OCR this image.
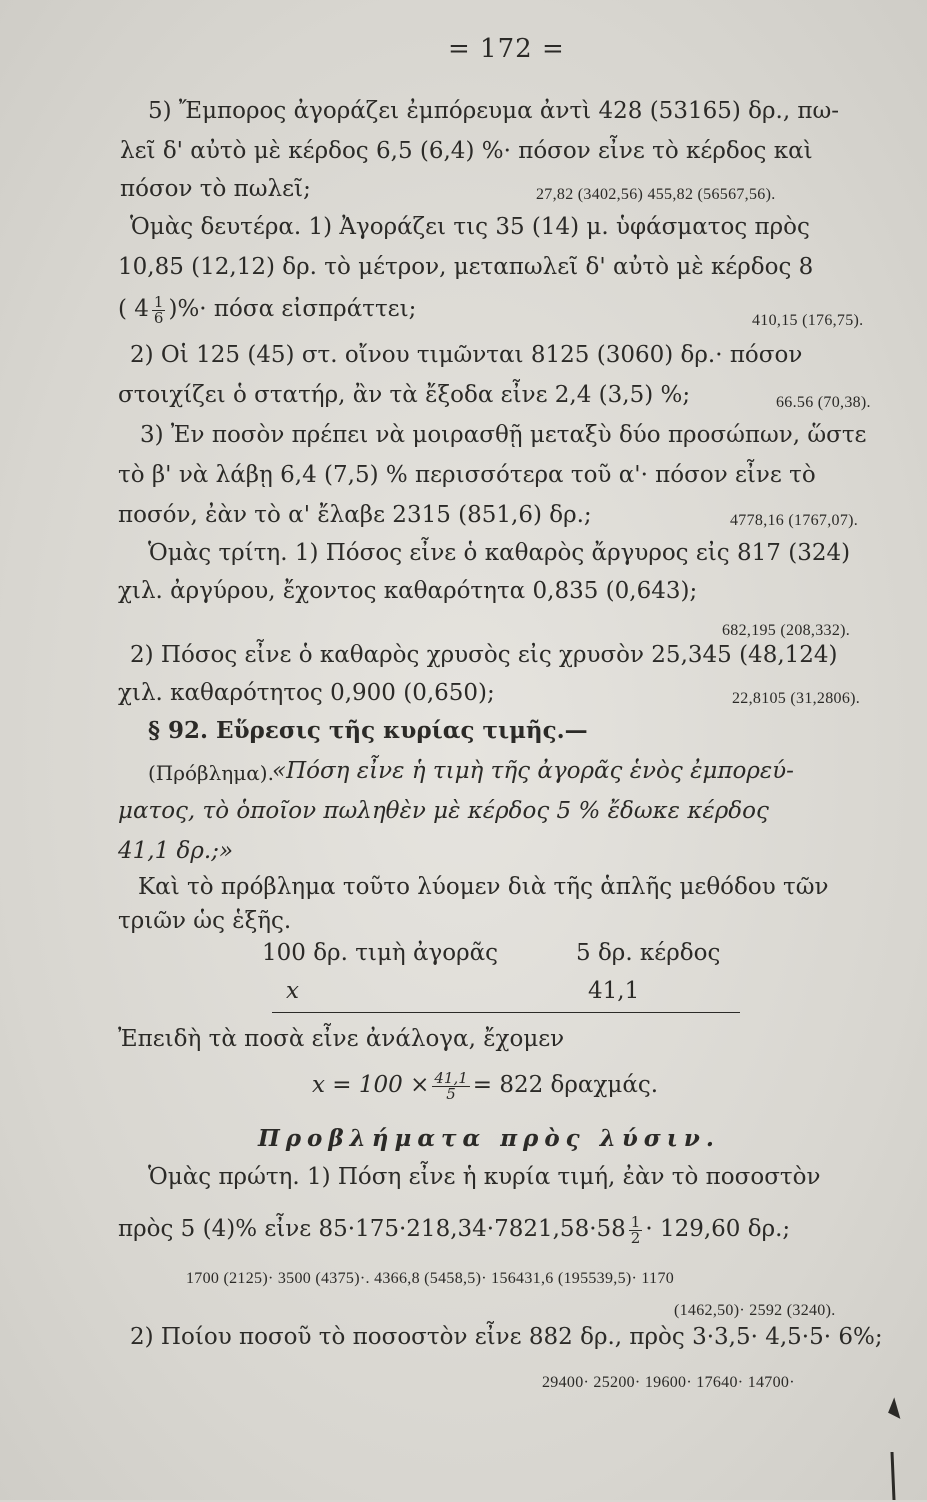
= 172 =
5) Ἔμπορος ἀγοράζει ἐμπόρευμα ἀντὶ 428 (53165) δρ., πω-
λεῖ δ' αὐτὸ μὲ κέρδος 6,5 (6,4) %· πόσον εἶνε τὸ κέρδος καὶ
πόσον τὸ πωλεῖ;	27,82 (3402,56) 455,82 (56567,56).
Ὁμὰς δευτέρα. 1) Ἀγοράζει τις 35 (14) μ. ὑφάσματος πρὸς
10,85 (12,12) δρ. τὸ μέτρον, μεταπωλεῖ δ' αὐτὸ μὲ κέρδος 8
( $4 \frac{1}{6}$ )%· πόσα εἰσπράττει;	410,15 (176,75).
2) Οἱ 125 (45) στ. οἴνου τιμῶνται 8125 (3060) δρ.· πόσον
στοιχίζει ὁ στατήρ, ἂν τὰ ἔξοδα εἶνε 2,4 (3,5) %;	66.56 (70,38).
3) Ἐν ποσὸν πρέπει νὰ μοιρασθῇ μεταξὺ δύο προσώπων, ὥστε
τὸ β' νὰ λάβῃ 6,4 (7,5) % περισσότερα τοῦ α'· πόσον εἶνε τὸ
ποσόν, ἐὰν τὸ α' ἔλαβε 2315 (851,6) δρ.;	4778,16 (1767,07).
Ὁμὰς τρίτη. 1) Πόσος εἶνε ὁ καθαρὸς ἄργυρος εἰς 817 (324)
χιλ. ἀργύρου, ἔχοντος καθαρότητα 0,835 (0,643);
682,195 (208,332).
2) Πόσος εἶνε ὁ καθαρὸς χρυσὸς εἰς χρυσὸν 25,345 (48,124)
χιλ. καθαρότητος 0,900 (0,650);	22,8105 (31,2806).
§ 92. Εὕρεσις τῆς κυρίας τιμῆς.—
(Πρόβλημα).
«Πόση εἶνε ἡ τιμὴ τῆς ἀγορᾶς ἑνὸς ἐμπορεύ-
ματος, τὸ ὁποῖον πωληθὲν μὲ κέρδος 5 % ἔδωκε κέρδος
41,1 δρ.;»
Καὶ τὸ πρόβλημα τοῦτο λύομεν διὰ τῆς ἁπλῆς μεθόδου τῶν
τριῶν ὡς ἑξῆς.
100 δρ. τιμὴ ἀγορᾶς	5 δρ. κέρδος
x	41,1
Ἐπειδὴ τὰ ποσὰ εἶνε ἀνάλογα, ἔχομεν
$x = 100 \times \frac{41,1}{5} = 822$ δραχμάς.
Προβλήματα πρὸς λύσιν.
Ὁμὰς πρώτη. 1) Πόση εἶνε ἡ κυρία τιμή, ἐὰν τὸ ποσοστὸν
πρὸς 5 (4)% εἶνε $85\cdot 175\cdot 218,34\cdot 7821,58\cdot 58 \frac{1}{2} \cdot 129,60$ δρ.;
1700 (2125)· 3500 (4375)·. 4366,8 (5458,5)· 156431,6 (195539,5)· 1170
(1462,50)· 2592 (3240).
2) Ποίου ποσοῦ τὸ ποσοστὸν εἶνε 882 δρ., πρὸς 3·3,5· 4,5·5· 6%;
29400· 25200· 19600· 17640· 14700·
